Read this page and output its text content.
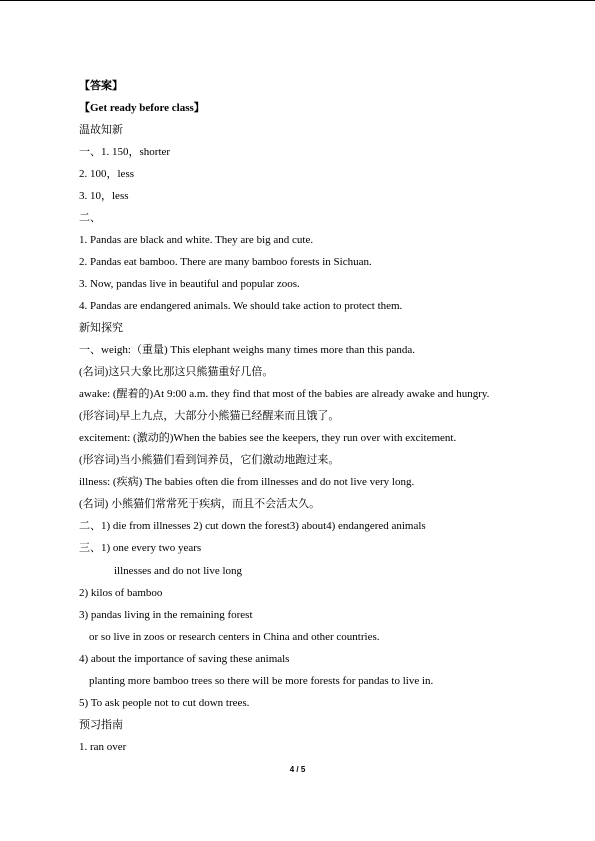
【答案】
【Get ready before class】
温故知新
一、1. 150，shorter
2. 100，less
3. 10，less
二、
1. Pandas are black and white. They are big and cute.
2. Pandas eat bamboo. There are many bamboo forests in Sichuan.
3. Now, pandas live in beautiful and popular zoos.
4. Pandas are endangered animals. We should take action to protect them.
新知探究
一、weigh:（重量) This elephant weighs many times more than this panda.
(名词)这只大象比那这只熊猫重好几倍。
awake: (醒着的)At 9:00 a.m. they find that most of the babies are already awake and hungry.
(形容词)早上九点，大部分小熊猫已经醒来而且饿了。
excitement: (激动的)When the babies see the keepers, they run over with excitement.
(形容词)当小熊猫们看到饲养员，它们激动地跑过来。
illness: (疾病) The babies often die from illnesses and do not live very long.
(名词) 小熊猫们常常死于疾病，而且不会活太久。
二、1) die from illnesses 2) cut down the forest3) about4) endangered animals
三、1) one every two years
illnesses and do not live long
2) kilos of bamboo
3) pandas living in the remaining forest
or so live in zoos or research centers in China and other countries.
4) about the importance of saving these animals
planting more bamboo trees so there will be more forests for pandas to live in.
5) To ask people not to cut down trees.
预习指南
1. ran over
4 / 5
